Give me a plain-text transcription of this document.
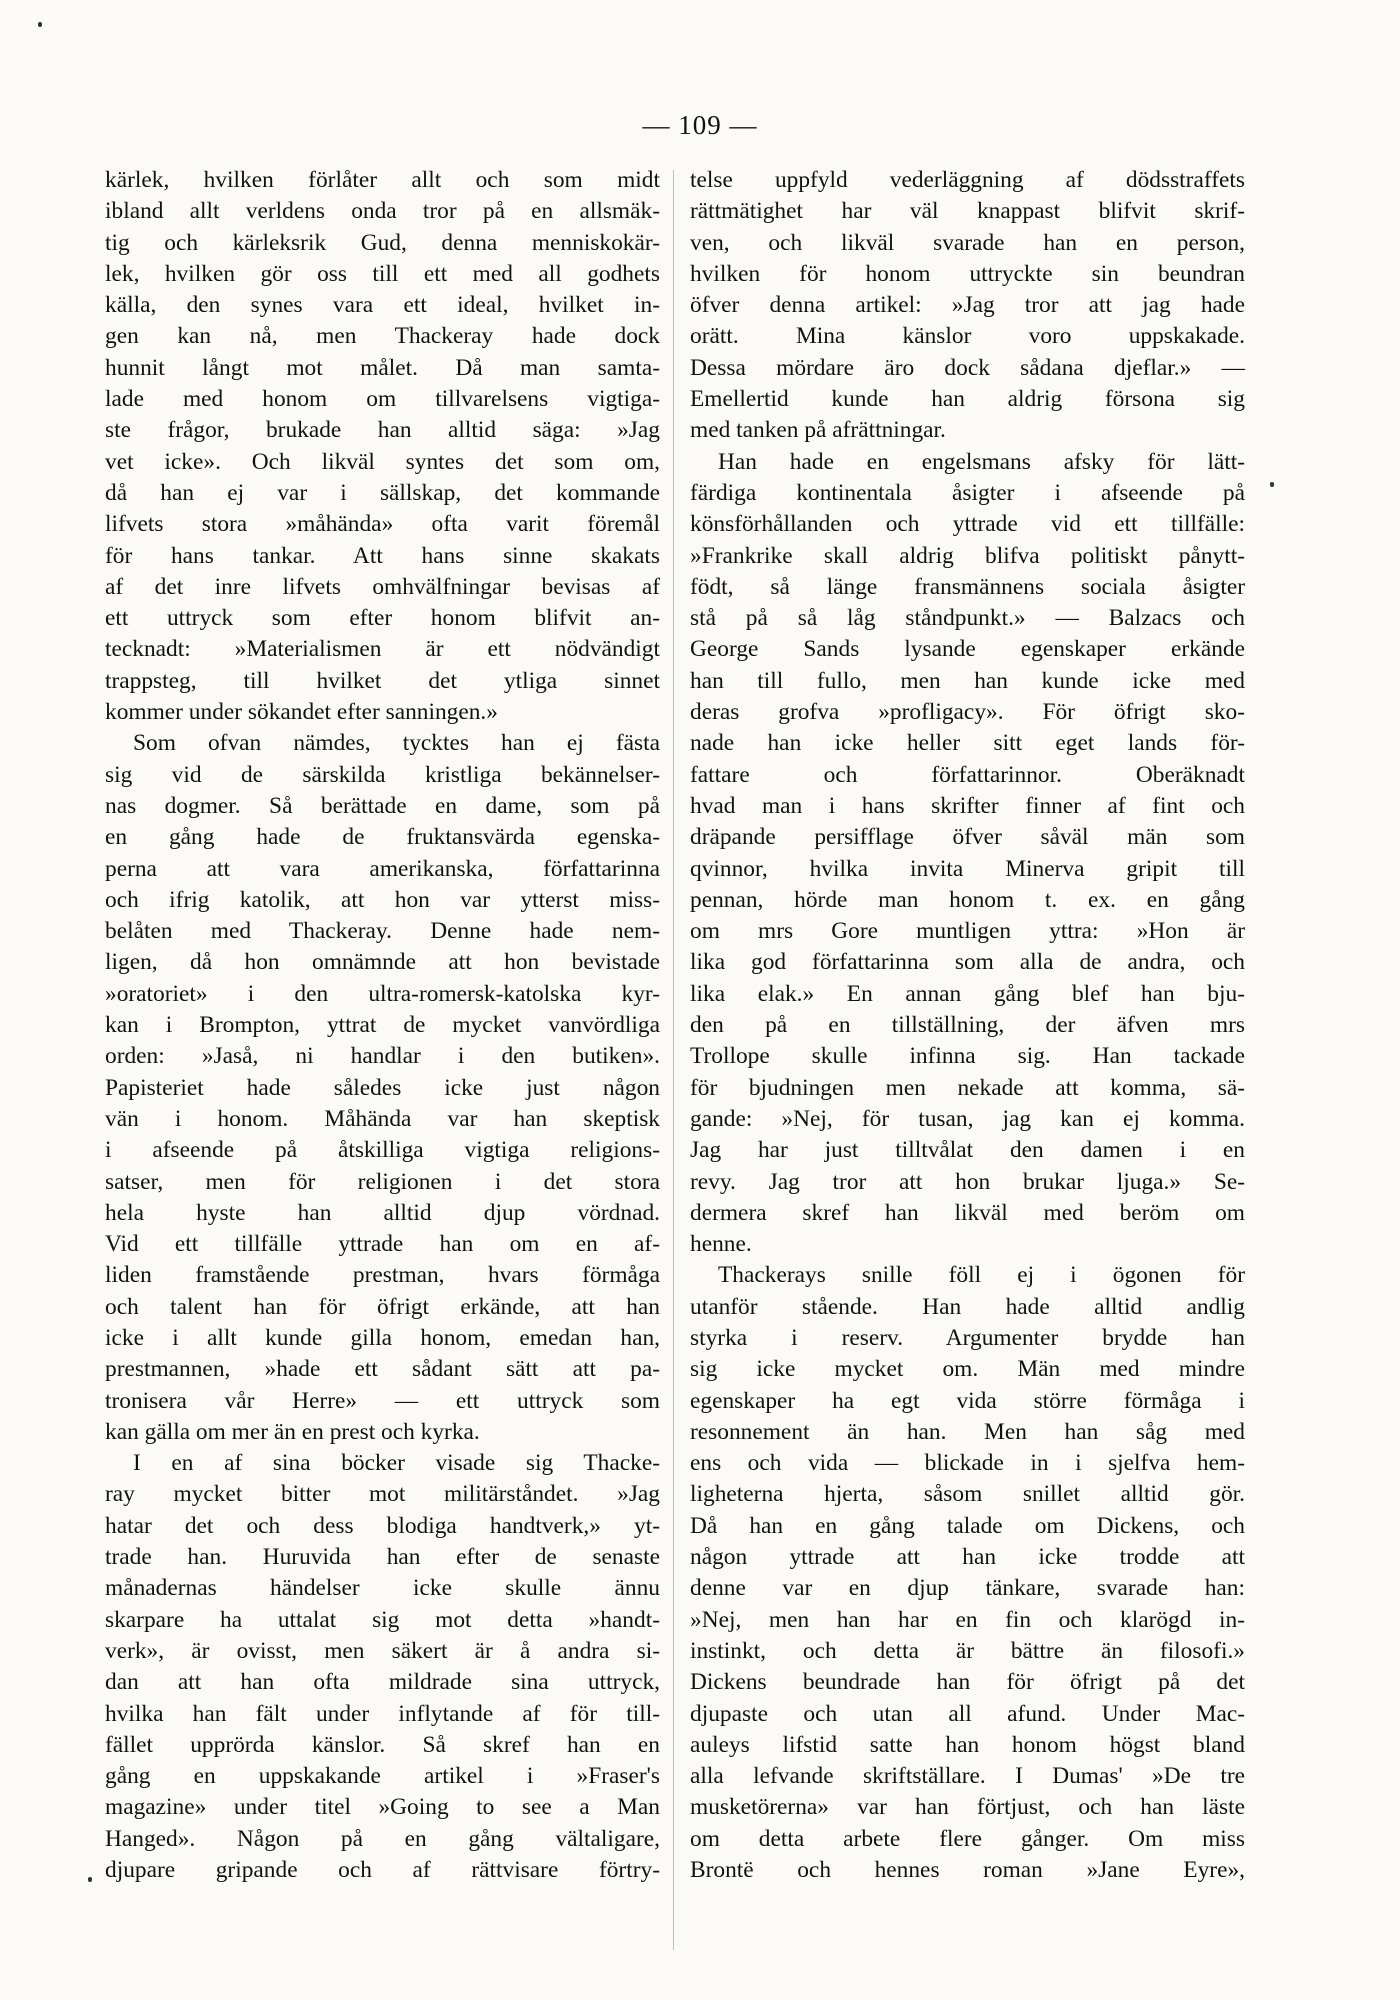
— 109 —
kärlek, hvilken förlåter allt och som midt
ibland allt verldens onda tror på en allsmäk-
tig och kärleksrik Gud, denna menniskokär-
lek, hvilken gör oss till ett med all godhets
källa, den synes vara ett ideal, hvilket in-
gen kan nå, men Thackeray hade dock
hunnit långt mot målet. Då man samta-
lade med honom om tillvarelsens vigtiga-
ste frågor, brukade han alltid säga: »Jag
vet icke». Och likväl syntes det som om,
då han ej var i sällskap, det kommande
lifvets stora »måhända» ofta varit föremål
för hans tankar. Att hans sinne skakats
af det inre lifvets omhvälfningar bevisas af
ett uttryck som efter honom blifvit an-
tecknadt: »Materialismen är ett nödvändigt
trappsteg, till hvilket det ytliga sinnet
kommer under sökandet efter sanningen.»
Som ofvan nämdes, tycktes han ej fästa
sig vid de särskilda kristliga bekännelser-
nas dogmer. Så berättade en dame, som på
en gång hade de fruktansvärda egenska-
perna att vara amerikanska, författarinna
och ifrig katolik, att hon var ytterst miss-
belåten med Thackeray. Denne hade nem-
ligen, då hon omnämnde att hon bevistade
»oratoriet» i den ultra-romersk-katolska kyr-
kan i Brompton, yttrat de mycket vanvördliga
orden: »Jaså, ni handlar i den butiken».
Papisteriet hade således icke just någon
vän i honom. Måhända var han skeptisk
i afseende på åtskilliga vigtiga religions-
satser, men för religionen i det stora
hela hyste han alltid djup vördnad.
Vid ett tillfälle yttrade han om en af-
liden framstående prestman, hvars förmåga
och talent han för öfrigt erkände, att han
icke i allt kunde gilla honom, emedan han,
prestmannen, »hade ett sådant sätt att pa-
tronisera vår Herre» — ett uttryck som
kan gälla om mer än en prest och kyrka.
I en af sina böcker visade sig Thacke-
ray mycket bitter mot militärståndet. »Jag
hatar det och dess blodiga handtverk,» yt-
trade han. Huruvida han efter de senaste
månadernas händelser icke skulle ännu
skarpare ha uttalat sig mot detta »handt-
verk», är ovisst, men säkert är å andra si-
dan att han ofta mildrade sina uttryck,
hvilka han fält under inflytande af för till-
fället upprörda känslor. Så skref han en
gång en uppskakande artikel i »Fraser's
magazine» under titel »Going to see a Man
Hanged». Någon på en gång vältaligare,
djupare gripande och af rättvisare förtry-
telse uppfyld vederläggning af dödsstraffets
rättmätighet har väl knappast blifvit skrif-
ven, och likväl svarade han en person,
hvilken för honom uttryckte sin beundran
öfver denna artikel: »Jag tror att jag hade
orätt. Mina känslor voro uppskakade.
Dessa mördare äro dock sådana djeflar.» —
Emellertid kunde han aldrig försona sig
med tanken på afrättningar.
Han hade en engelsmans afsky för lätt-
färdiga kontinentala åsigter i afseende på
könsförhållanden och yttrade vid ett tillfälle:
»Frankrike skall aldrig blifva politiskt pånytt-
födt, så länge fransmännens sociala åsigter
stå på så låg ståndpunkt.» — Balzacs och
George Sands lysande egenskaper erkände
han till fullo, men han kunde icke med
deras grofva »profligacy». För öfrigt sko-
nade han icke heller sitt eget lands för-
fattare och författarinnor. Oberäknadt
hvad man i hans skrifter finner af fint och
dräpande persifflage öfver såväl män som
qvinnor, hvilka invita Minerva gripit till
pennan, hörde man honom t. ex. en gång
om mrs Gore muntligen yttra: »Hon är
lika god författarinna som alla de andra, och
lika elak.» En annan gång blef han bju-
den på en tillställning, der äfven mrs
Trollope skulle infinna sig. Han tackade
för bjudningen men nekade att komma, sä-
gande: »Nej, för tusan, jag kan ej komma.
Jag har just tilltvålat den damen i en
revy. Jag tror att hon brukar ljuga.» Se-
dermera skref han likväl med beröm om
henne.
Thackerays snille föll ej i ögonen för
utanför stående. Han hade alltid andlig
styrka i reserv. Argumenter brydde han
sig icke mycket om. Män med mindre
egenskaper ha egt vida större förmåga i
resonnement än han. Men han såg med
ens och vida — blickade in i sjelfva hem-
ligheterna hjerta, såsom snillet alltid gör.
Då han en gång talade om Dickens, och
någon yttrade att han icke trodde att
denne var en djup tänkare, svarade han:
»Nej, men han har en fin och klarögd in-
instinkt, och detta är bättre än filosofi.»
Dickens beundrade han för öfrigt på det
djupaste och utan all afund. Under Mac-
auleys lifstid satte han honom högst bland
alla lefvande skriftställare. I Dumas' »De tre
musketörerna» var han förtjust, och han läste
om detta arbete flere gånger. Om miss
Brontë och hennes roman »Jane Eyre»,
